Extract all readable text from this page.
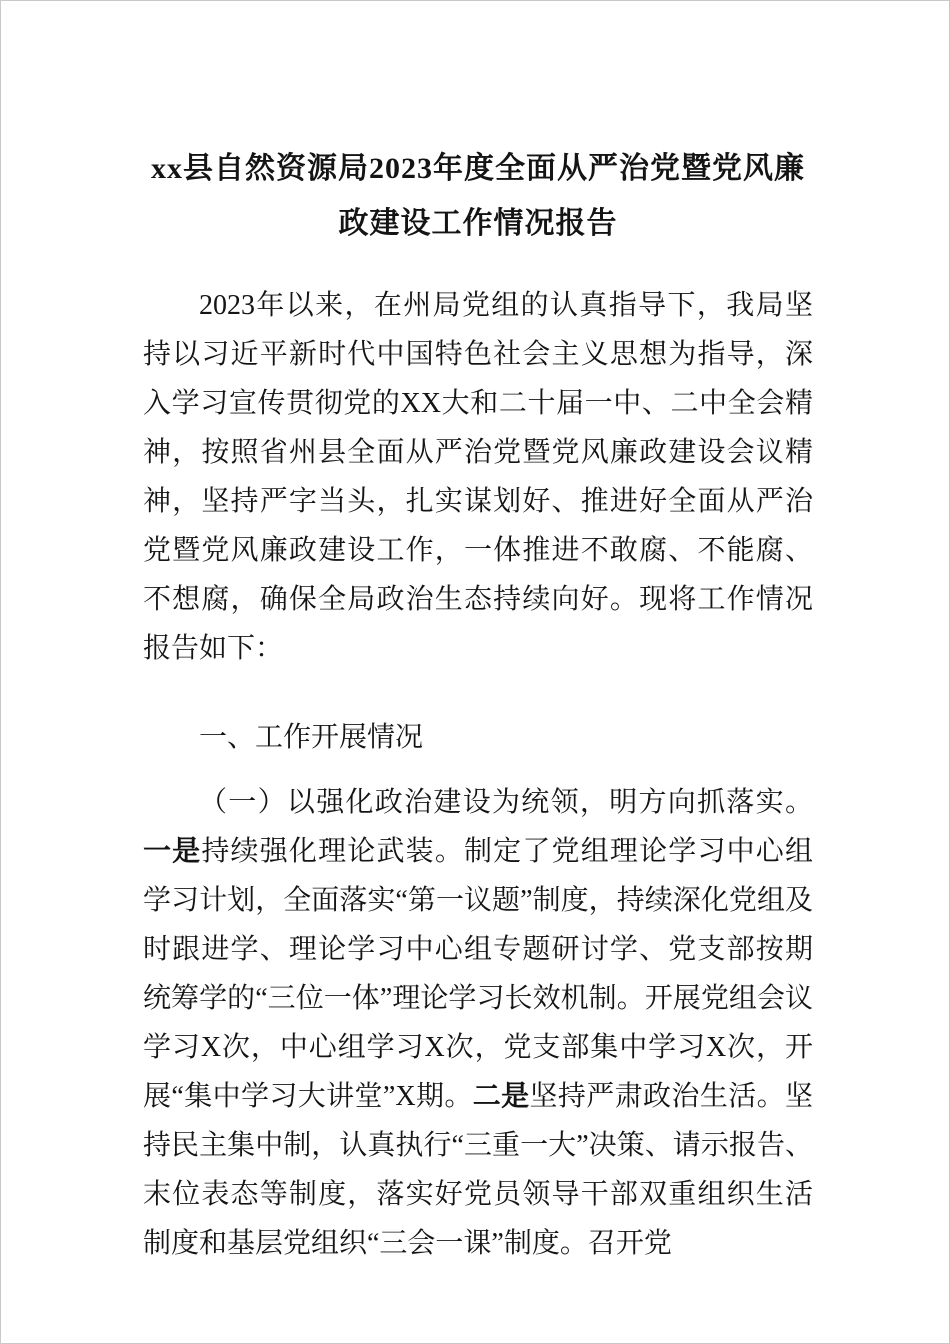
xx县自然资源局2023年度全面从严治党暨党风廉政建设工作情况报告

2023年以来，在州局党组的认真指导下，我局坚持以习近平新时代中国特色社会主义思想为指导，深入学习宣传贯彻党的XX大和二十届一中、二中全会精神，按照省州县全面从严治党暨党风廉政建设会议精神，坚持严字当头，扎实谋划好、推进好全面从严治党暨党风廉政建设工作，一体推进不敢腐、不能腐、不想腐，确保全局政治生态持续向好。现将工作情况报告如下：

一、工作开展情况

（一）以强化政治建设为统领，明方向抓落实。一是持续强化理论武装。制定了党组理论学习中心组学习计划，全面落实“第一议题”制度，持续深化党组及时跟进学、理论学习中心组专题研讨学、党支部按期统筹学的“三位一体”理论学习长效机制。开展党组会议学习X次，中心组学习X次，党支部集中学习X次，开展“集中学习大讲堂”X期。二是坚持严肃政治生活。坚持民主集中制，认真执行“三重一大”决策、请示报告、末位表态等制度，落实好党员领导干部双重组织生活制度和基层党组织“三会一课”制度。召开党
